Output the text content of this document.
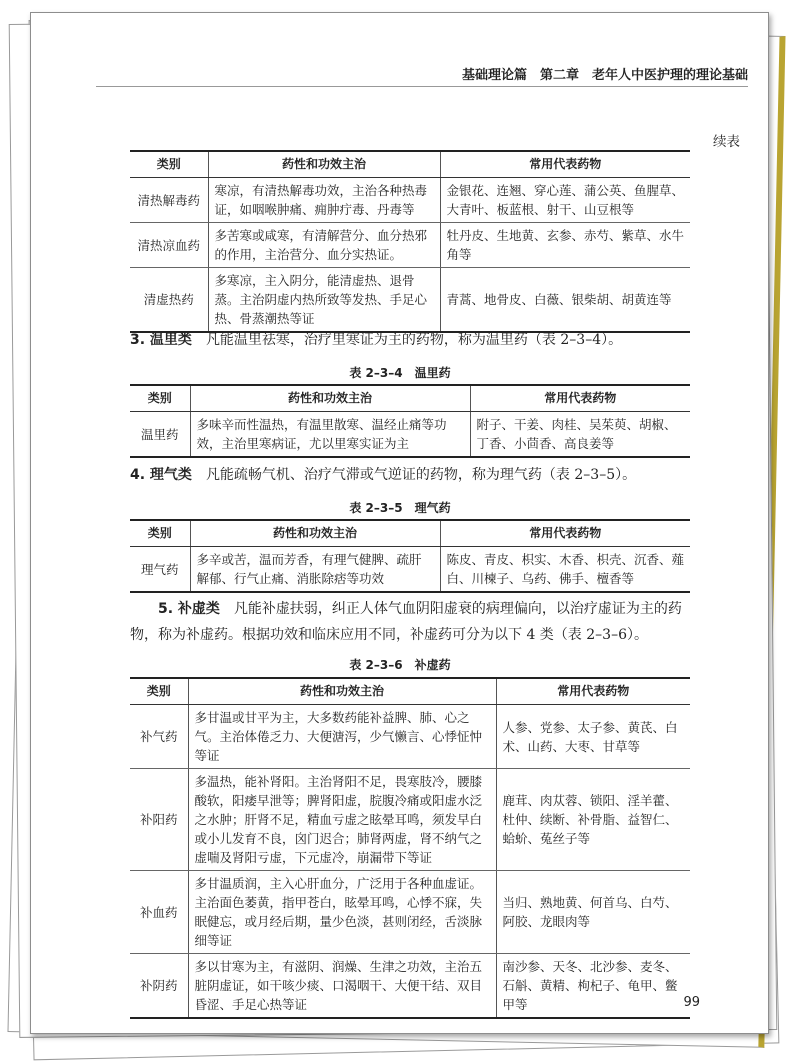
基础理论篇　第二章　老年人中医护理的理论基础
续表
类别	药性和功效主治	常用代表药物
清热解毒药	寒凉，有清热解毒功效，主治各种热毒证，如咽喉肿痛、痈肿疔毒、丹毒等	金银花、连翘、穿心莲、蒲公英、鱼腥草、大青叶、板蓝根、射干、山豆根等
清热凉血药	多苦寒或咸寒，有清解营分、血分热邪的作用，主治营分、血分实热证。	牡丹皮、生地黄、玄参、赤芍、紫草、水牛角等
清虚热药	多寒凉，主入阴分，能清虚热、退骨蒸。主治阴虚内热所致等发热、手足心热、骨蒸潮热等证	青蒿、地骨皮、白薇、银柴胡、胡黄连等
3. 温里类　 凡能温里祛寒，治疗里寒证为主的药物，称为温里药（表 2–3–4）。
表 2–3–4　温里药
类别	药性和功效主治	常用代表药物
温里药	多味辛而性温热，有温里散寒、温经止痛等功效，主治里寒病证，尤以里寒实证为主	附子、干姜、肉桂、吴茱萸、胡椒、丁香、小茴香、高良姜等
4. 理气类　 凡能疏畅气机、治疗气滞或气逆证的药物，称为理气药（表 2–3–5）。
表 2–3–5　理气药
类别	药性和功效主治	常用代表药物
理气药	多辛或苦，温而芳香，有理气健脾、疏肝解郁、行气止痛、消胀除痞等功效	陈皮、青皮、枳实、木香、枳壳、沉香、薤白、川楝子、乌药、佛手、檀香等
5. 补虚类　 凡能补虚扶弱，纠正人体气血阴阳虚衰的病理偏向，以治疗虚证为主的药物，称为补虚药。根据功效和临床应用不同，补虚药可分为以下 4 类（表 2–3–6）。
表 2–3–6　补虚药
类别	药性和功效主治	常用代表药物
补气药	多甘温或甘平为主，大多数药能补益脾、肺、心之气。主治体倦乏力、大便溏泻，少气懒言、心悸怔忡等证	人参、党参、太子参、黄芪、白术、山药、大枣、甘草等
补阳药	多温热，能补肾阳。主治肾阳不足，畏寒肢冷，腰膝酸软，阳痿早泄等；脾肾阳虚，脘腹冷痛或阳虚水泛之水肿；肝肾不足，精血亏虚之眩晕耳鸣，须发早白或小儿发育不良，囟门迟合；肺肾两虚，肾不纳气之虚喘及肾阳亏虚，下元虚冷，崩漏带下等证	鹿茸、肉苁蓉、锁阳、淫羊藿、杜仲、续断、补骨脂、益智仁、蛤蚧、菟丝子等
补血药	多甘温质润，主入心肝血分，广泛用于各种血虚证。主治面色萎黄，指甲苍白，眩晕耳鸣，心悸不寐，失眠健忘，或月经后期，量少色淡，甚则闭经，舌淡脉细等证	当归、熟地黄、何首乌、白芍、阿胶、龙眼肉等
补阴药	多以甘寒为主，有滋阴、润燥、生津之功效，主治五脏阴虚证，如干咳少痰、口渴咽干、大便干结、双目昏涩、手足心热等证	南沙参、天冬、北沙参、麦冬、石斛、黄精、枸杞子、龟甲、鳖甲等	99
